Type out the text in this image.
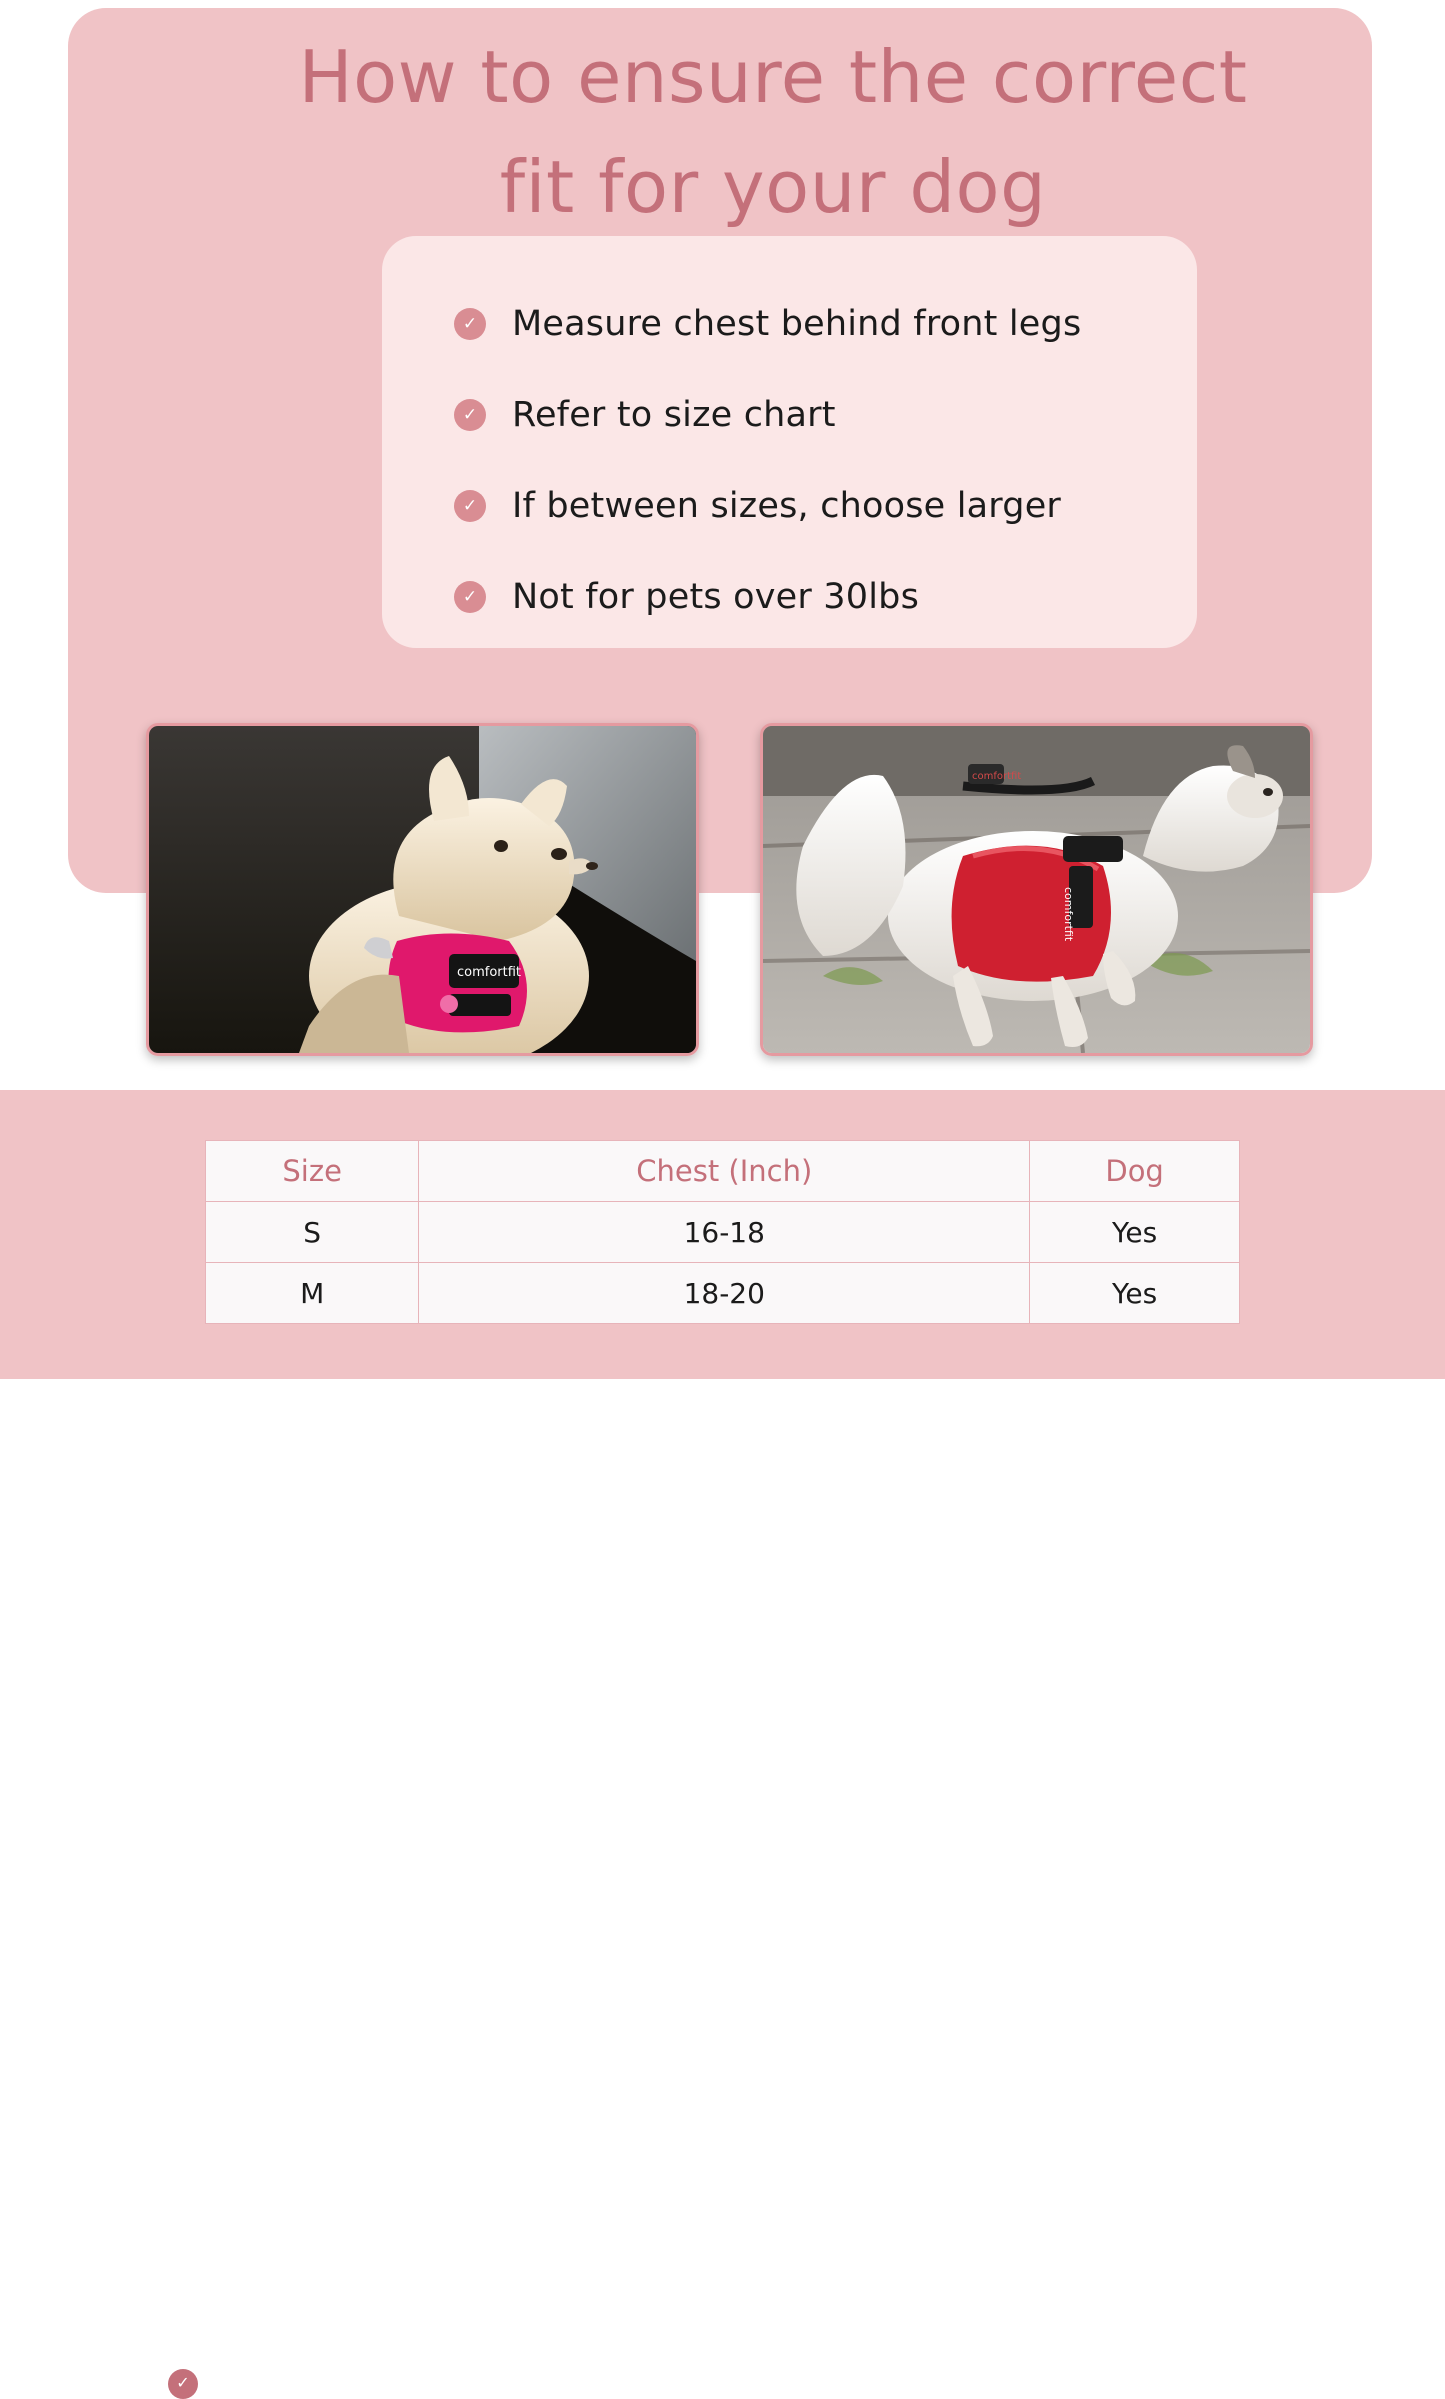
How to ensure the correct fit for your dog
✓ Measure chest behind front legs
✓ Refer to size chart
✓ If between sizes, choose larger
✓ Not for pets over 30lbs
comfortfit
comfortfit
comfortfit
✓
Size	Chest (Inch)	Dog
S	16-18	Yes
M	18-20	Yes
